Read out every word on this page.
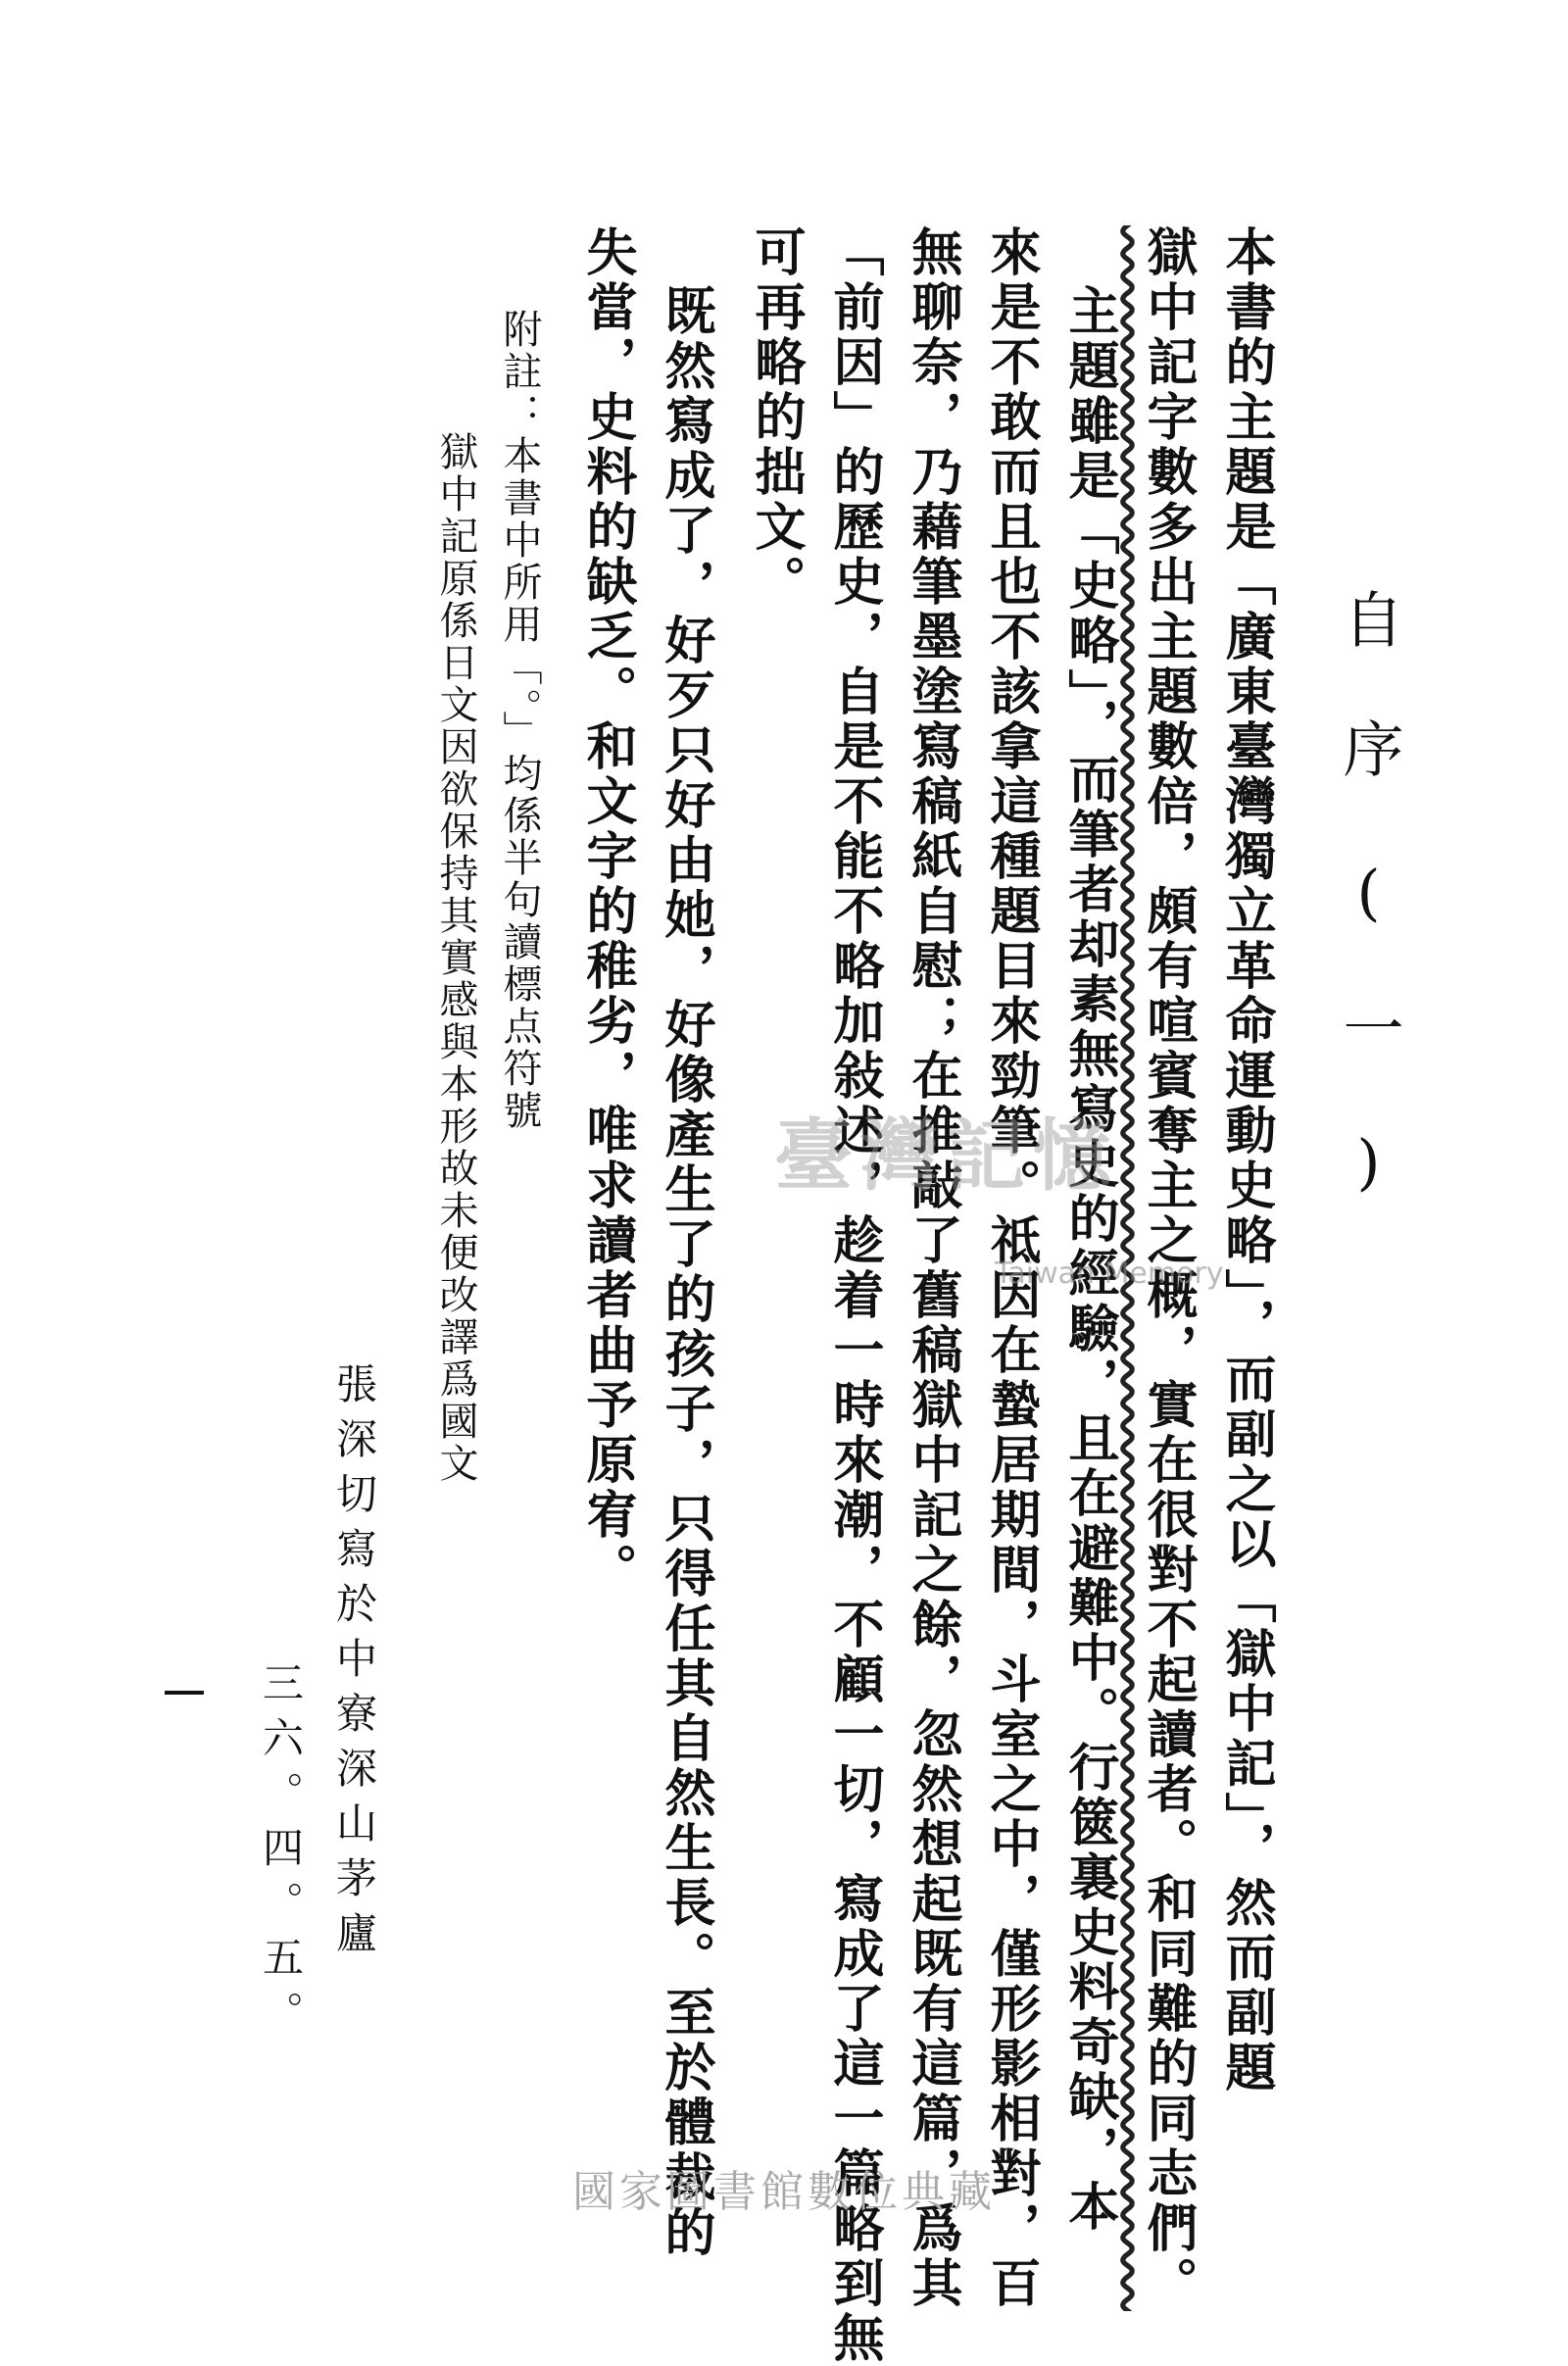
自序(一)
本書的主題是「廣東臺灣獨立革命運動史略」，而副之以「獄中記」，然而副題
獄中記字數多出主題數倍，頗有喧賓奪主之概，實在很對不起讀者。和同難的同志們。
主題雖是「史略」，而筆者却素無寫史的經驗，且在避難中。行篋裏史料奇缺，本
來是不敢而且也不該拿這種題目來勁筆。祗因在蟄居期間，斗室之中，僅形影相對，百
無聊奈，乃藉筆墨塗寫稿紙自慰；在推敲了舊稿獄中記之餘，忽然想起既有這篇，爲其
「前因」的歷史，自是不能不略加敍述，趁着一時來潮，不顧一切，寫成了這一篇略到無
可再略的拙文。
既然寫成了，好歹只好由她，好像產生了的孩子，只得任其自然生長。至於體裁的
失當，史料的缺乏。和文字的稚劣，唯求讀者曲予原宥。
附註：本書中所用「。」均係半句讀標点符號
獄中記原係日文因欲保持其實感與本形故未便改譯爲國文
張深切寫於中寮深山茅廬
三六。四。五。
臺灣記憶
Taiwan Memory
國家圖書館數位典藏
